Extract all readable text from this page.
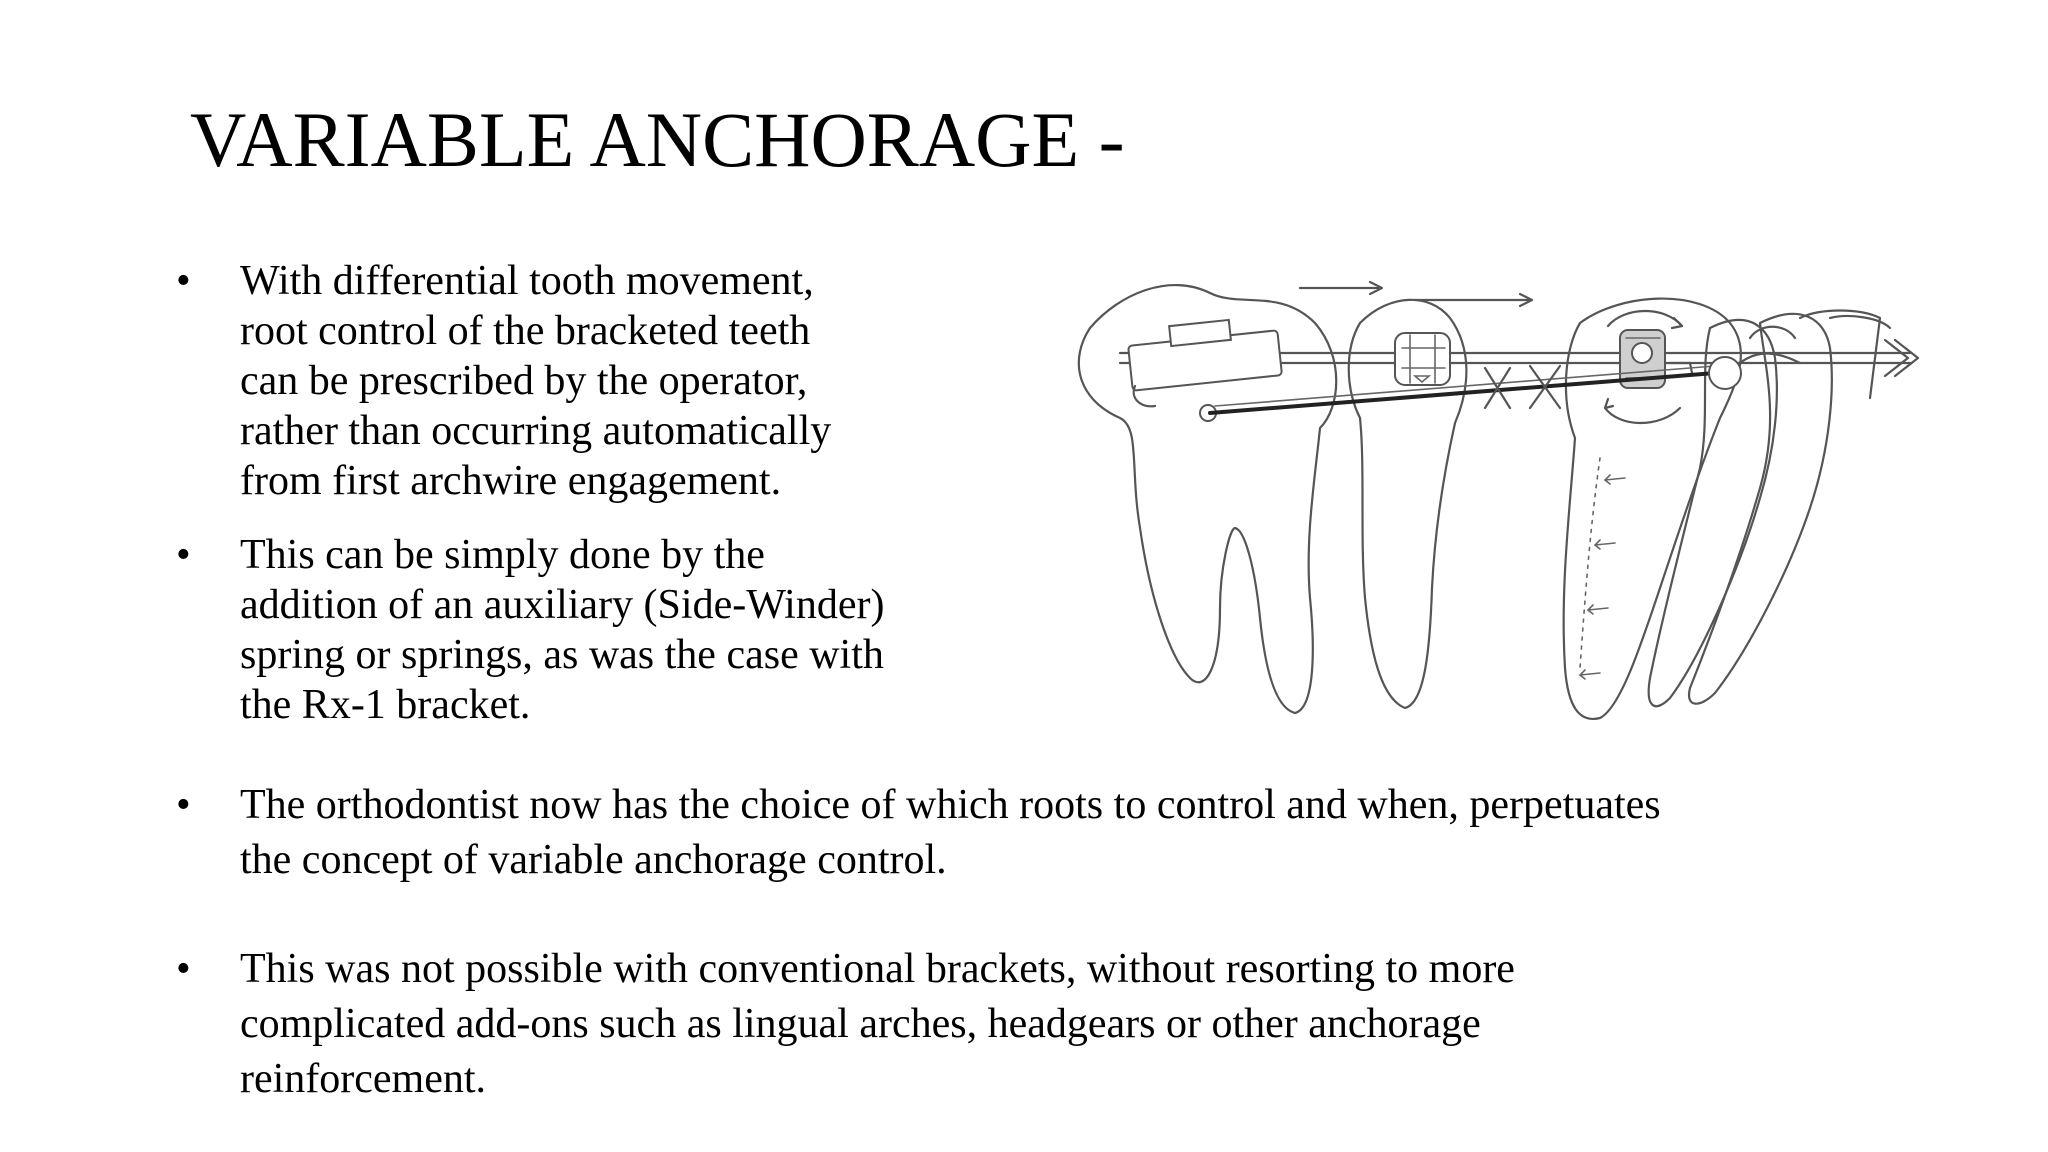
VARIABLE ANCHORAGE -
•	With differential tooth movement,
root control of the bracketed teeth
can be prescribed by the operator,
rather than occurring automatically
from first archwire engagement.
•	This can be simply done by the
addition of an auxiliary (Side-Winder)
spring or springs, as was the case with
the Rx-1 bracket.
•	The orthodontist now has the choice of which roots to control and when, perpetuates
the concept of variable anchorage control.
•	This was not possible with conventional brackets, without resorting to more
complicated add-ons such as lingual arches, headgears or other anchorage
reinforcement.
